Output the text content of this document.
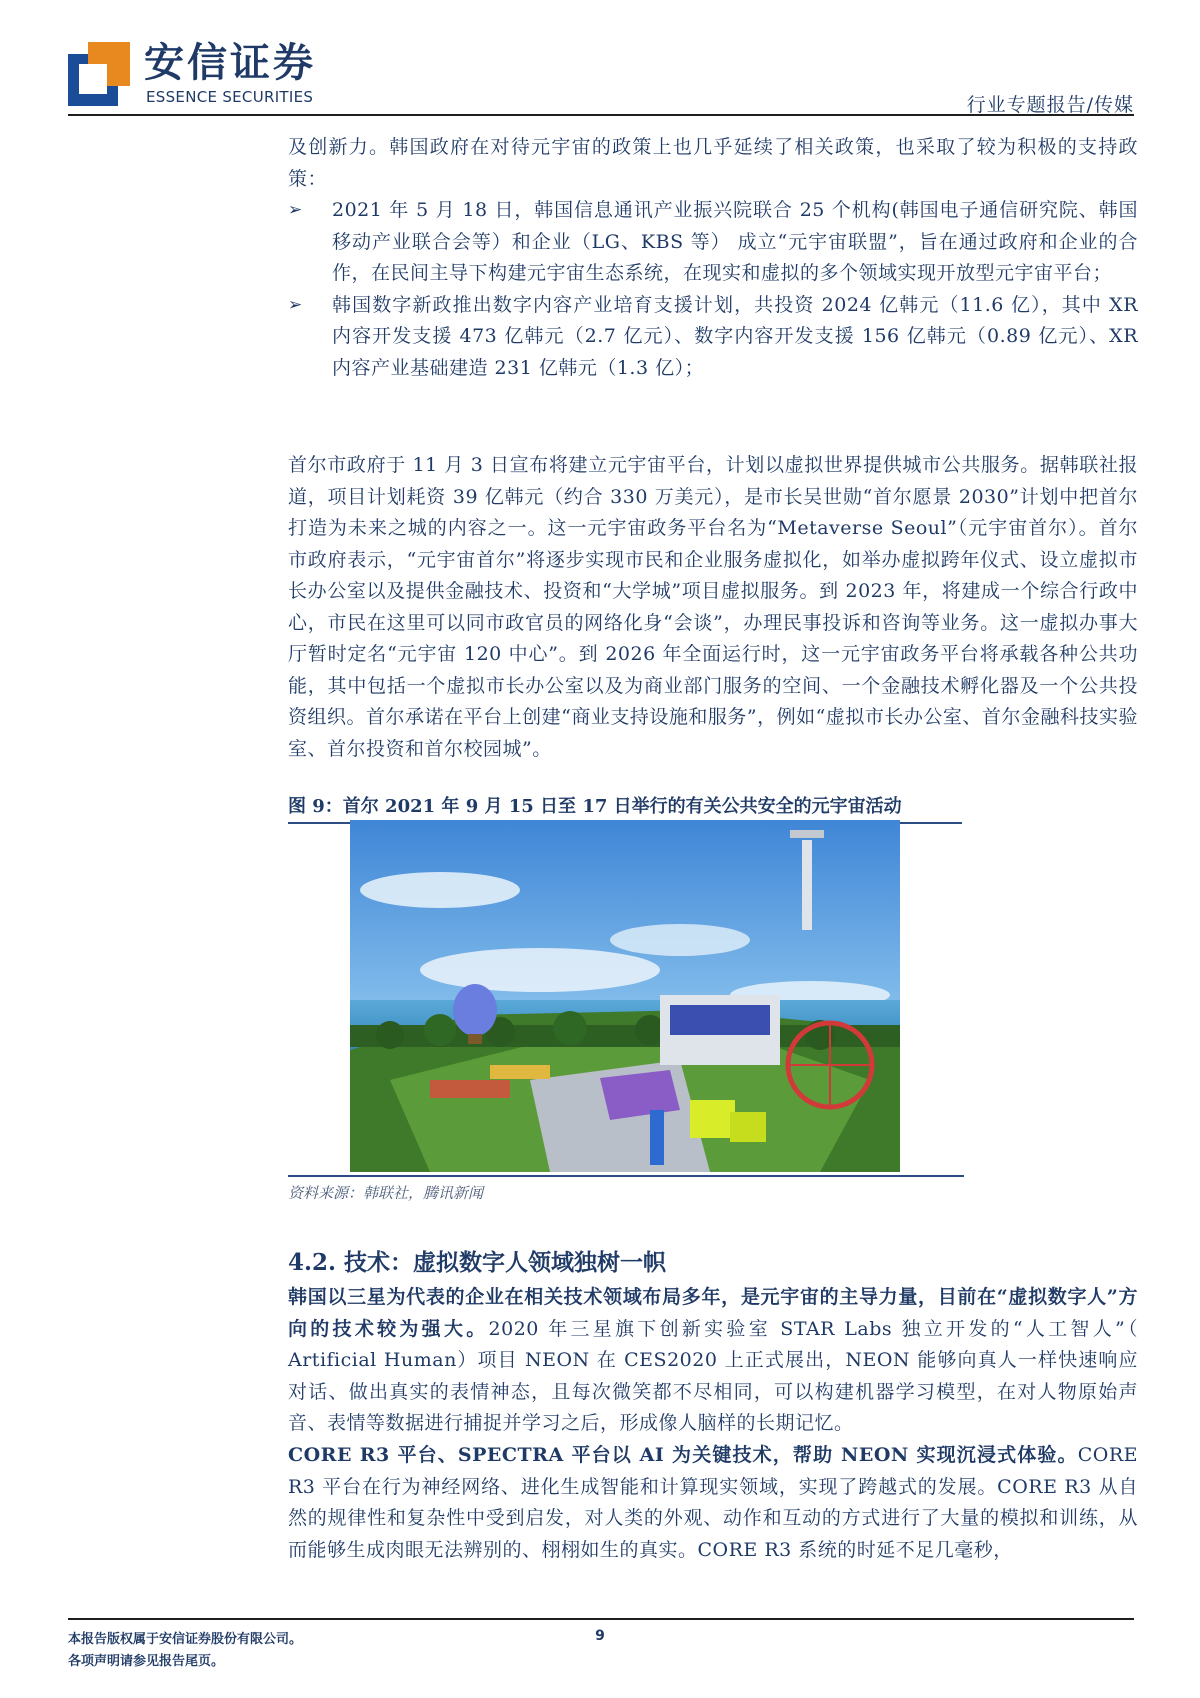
安信证券
ESSENCE SECURITIES	行业专题报告/传媒
及创新力。韩国政府在对待元宇宙的政策上也几乎延续了相关政策，也采取了较为积极的支持政策：
➢ 2021 年 5 月 18 日，韩国信息通讯产业振兴院联合 25 个机构(韩国电子通信研究院、韩国移动产业联合会等）和企业（LG、KBS 等） 成立“元宇宙联盟”，旨在通过政府和企业的合作，在民间主导下构建元宇宙生态系统，在现实和虚拟的多个领域实现开放型元宇宙平台；
➢ 韩国数字新政推出数字内容产业培育支援计划，共投资 2024 亿韩元（11.6 亿），其中 XR 内容开发支援 473 亿韩元（2.7 亿元）、数字内容开发支援 156 亿韩元（0.89 亿元）、XR 内容产业基础建造 231 亿韩元（1.3 亿）；
首尔市政府于 11 月 3 日宣布将建立元宇宙平台，计划以虚拟世界提供城市公共服务。据韩联社报道，项目计划耗资 39 亿韩元（约合 330 万美元），是市长吴世勋“首尔愿景 2030”计划中把首尔打造为未来之城的内容之一。这一元宇宙政务平台名为“Metaverse Seoul”（元宇宙首尔）。首尔市政府表示，“元宇宙首尔”将逐步实现市民和企业服务虚拟化，如举办虚拟跨年仪式、设立虚拟市长办公室以及提供金融技术、投资和“大学城”项目虚拟服务。到 2023 年，将建成一个综合行政中心，市民在这里可以同市政官员的网络化身“会谈”，办理民事投诉和咨询等业务。这一虚拟办事大厅暂时定名“元宇宙 120 中心”。到 2026 年全面运行时，这一元宇宙政务平台将承载各种公共功能，其中包括一个虚拟市长办公室以及为商业部门服务的空间、一个金融技术孵化器及一个公共投资组织。首尔承诺在平台上创建“商业支持设施和服务”，例如“虚拟市长办公室、首尔金融科技实验室、首尔投资和首尔校园城”。
图 9：首尔 2021 年 9 月 15 日至 17 日举行的有关公共安全的元宇宙活动
资料来源：韩联社，腾讯新闻
4.2. 技术：虚拟数字人领域独树一帜
韩国以三星为代表的企业在相关技术领域布局多年，是元宇宙的主导力量，目前在“虚拟数字人”方向的技术较为强大。2020 年三星旗下创新实验室 STAR Labs 独立开发的“人工智人”（ Artificial Human）项目 NEON 在 CES2020 上正式展出，NEON 能够向真人一样快速响应对话、做出真实的表情神态，且每次微笑都不尽相同，可以构建机器学习模型，在对人物原始声音、表情等数据进行捕捉并学习之后，形成像人脑样的长期记忆。
CORE R3 平台、SPECTRA 平台以 AI 为关键技术，帮助 NEON 实现沉浸式体验。CORE R3 平台在行为神经网络、进化生成智能和计算现实领域，实现了跨越式的发展。CORE R3 从自然的规律性和复杂性中受到启发，对人类的外观、动作和互动的方式进行了大量的模拟和训练，从而能够生成肉眼无法辨别的、栩栩如生的真实。CORE R3 系统的时延不足几毫秒，
本报告版权属于安信证券股份有限公司。
各项声明请参见报告尾页。
9
